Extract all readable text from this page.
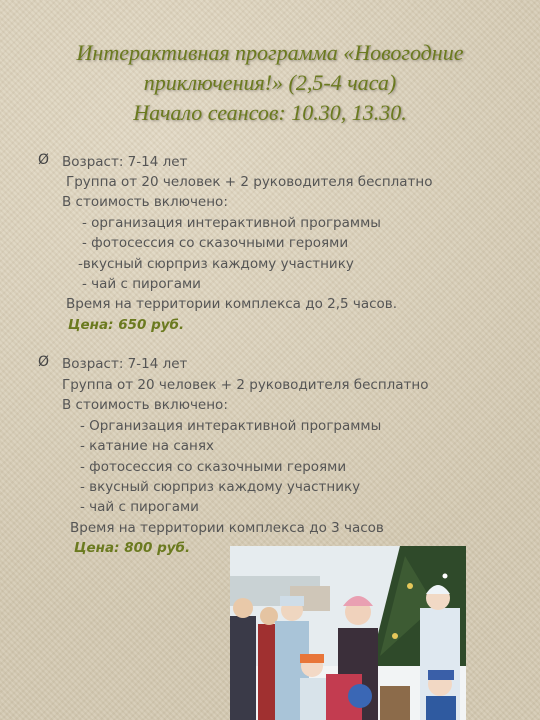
Интерактивная программа «Новогодние
приключения!» (2,5-4 часа)
Начало сеансов: 10.30, 13.30.
Ø Возраст: 7-14 лет
Группа от 20 человек + 2 руководителя бесплатно
В стоимость включено:
- организация интерактивной программы
- фотосессия со сказочными героями
-вкусный сюрприз каждому участнику
- чай с пирогами
Время на территории комплекса до 2,5 часов.
Цена: 650 руб.
Ø Возраст: 7-14 лет
Группа от 20 человек + 2 руководителя бесплатно
В стоимость включено:
- Организация интерактивной программы
- катание на санях
- фотосессия со сказочными героями
- вкусный сюрприз каждому участнику
- чай с пирогами
Время на территории комплекса до 3 часов
Цена: 800 руб.
